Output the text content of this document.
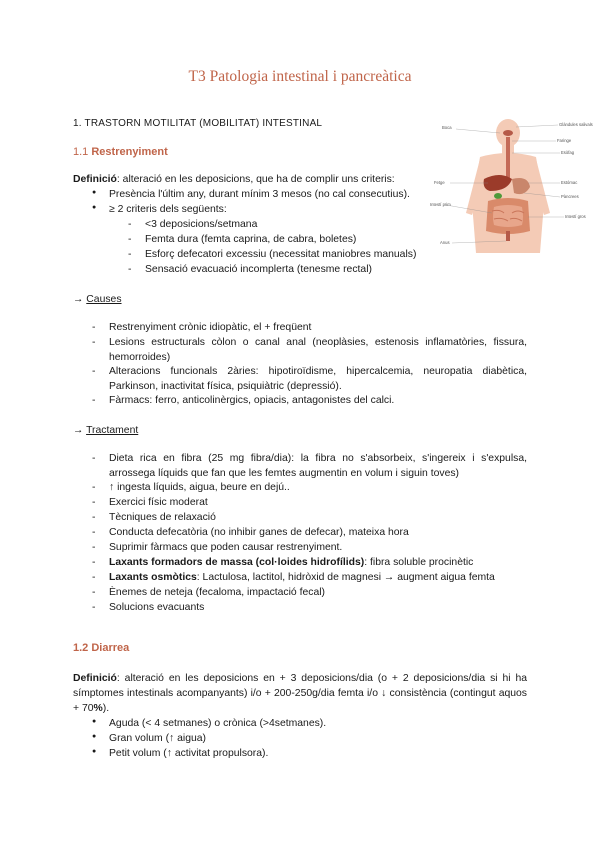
T3 Patologia intestinal i pancreàtica
1. TRASTORN MOTILITAT (MOBILITAT) INTESTINAL
1.1 Restrenyiment
Definició: alteració en les deposicions, que ha de complir uns criteris:
● Presència l'últim any, durant mínim 3 mesos (no cal consecutius).
● ≥ 2 criteris dels següents:
- <3 deposicions/setmana
- Femta dura (femta caprina, de cabra, boletes)
- Esforç defecatori excessiu (necessitat maniobres manuals)
- Sensació evacuació incomplerta (tenesme rectal)
→ Causes
- Restrenyiment crònic idiopàtic, el + freqüent
- Lesions estructurals còlon o canal anal (neoplàsies, estenosis inflamatòries, fissura, hemorroides)
- Alteracions funcionals 2àries: hipotiroïdisme, hipercalcemia, neuropatia diabètica, Parkinson, inactivitat física, psiquiàtric (depressió).
- Fàrmacs: ferro, anticolinèrgics, opiacis, antagonistes del calci.
→ Tractament
- Dieta rica en fibra (25 mg fibra/dia): la fibra no s'absorbeix, s'ingereix i s'expulsa, arrossega líquids que fan que les femtes augmentin en volum i siguin toves)
- ↑ ingesta líquids, aigua, beure en dejú..
- Exercici físic moderat
- Tècniques de relaxació
- Conducta defecatòria (no inhibir ganes de defecar), mateixa hora
- Suprimir fàrmacs que poden causar restrenyiment.
- Laxants formadors de massa (col·loides hidrofílids): fibra soluble procinètic
- Laxants osmòtics: Lactulosa, lactitol, hidròxid de magnesi → augment aigua femta
- Ènemes de neteja (fecaloma, impactació fecal)
- Solucions evacuants
1.2 Diarrea
Definició: alteració en les deposicions en + 3 deposicions/dia (o + 2 deposicions/dia si hi ha símptomes intestinals acompanyants) i/o + 200-250g/dia femta i/o ↓ consistència (contingut aquos + 70%).
● Aguda (< 4 setmanes) o crònica (>4setmanes).
● Gran volum (↑ aigua)
● Petit volum (↑ activitat propulsora).
Boca
Glàndules salivals
Faringe
Esòfag
Fetge	Estómac
Pàncrees
Intestí prim
Intestí gros
Anus
